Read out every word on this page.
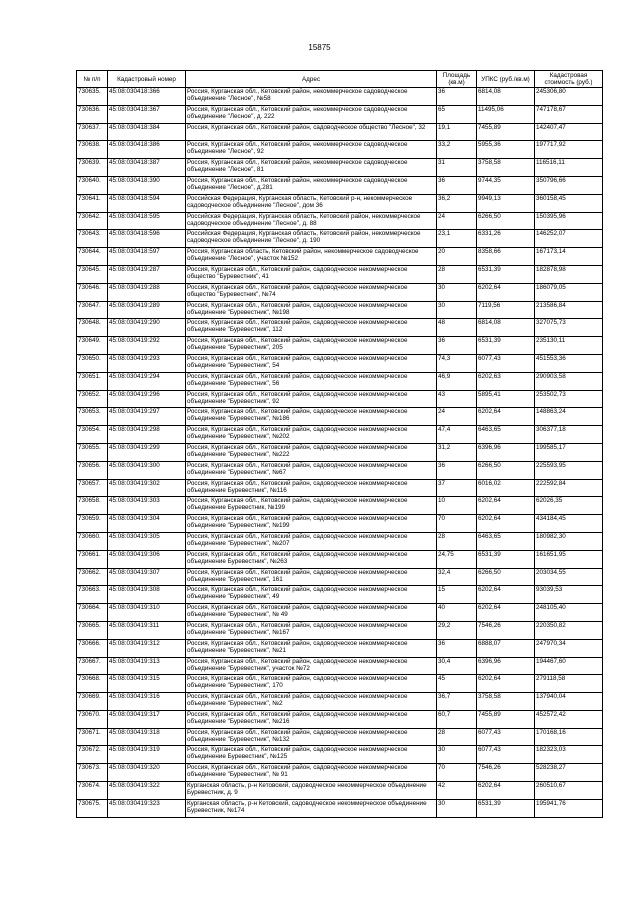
15875
№ п/п	Кадастровый номер	Адрес	Площадь (кв.м)	УПКС (руб./кв.м)	Кадастровая стоимость (руб.)
730635.	45:08:030418:366	Россия, Курганская обл., Кетовский район, некоммерческое садоводческое объединение "Лесное", №58	36	6814,08	245306,80
730636.	45:08:030418:367	Россия, Курганская обл., Кетовский район, некоммерческое садоводческое объединение "Лесное", д. 222	65	11495,06	747178,67
730637.	45:08:030418:384	Россия, Курганская обл., Кетовский район, садоводческое общество "Лесное", 32	19,1	7455,89	142407,47
730638.	45:08:030418:386	Россия, Курганская обл., Кетовский район, некоммерческое садоводческое объединение "Лесное", 92	33,2	5955,36	197717,92
730639.	45:08:030418:387	Россия, Курганская обл., Кетовский район, некоммерческое садоводческое объединение "Лесное", 81	31	3758,58	116516,11
730640.	45:08:030418:390	Россия, Курганская обл., Кетовский район, некоммерческое садоводческое объединение "Лесное", д.281	36	9744,35	350796,66
730641.	45:08:030418:594	Российская Федерация, Курганская область, Кетовский р-н, некоммерческое садоводческое объединение "Лесное", дом 36	36,2	9949,13	360158,45
730642.	45:08:030418:595	Российская Федерация, Курганская область, Кетовский район, некоммерческое садоводческое объединение "Лесное", д. 88	24	6266,50	150395,96
730643.	45:08:030418:596	Российская Федерация, Курганская область, Кетовский район, некоммерческое садоводческое объединение "Лесное", д. 190	23,1	6331,26	146252,07
730644.	45:08:030418:597	Россия, Курганская область, Кетовский район, некоммерческое садоводческое объединение "Лесное", участок №152	20	8358,66	167173,14
730645.	45:08:030419:287	Россия, Курганская обл., Кетовский район, садоводческое некоммерческое общество "Буревестник", 41	28	6531,39	182878,98
730646.	45:08:030419:288	Россия, Курганская обл., Кетовский район, садоводческое некоммерческое общество "Буревестник", №74	30	6202,64	186079,05
730647.	45:08:030419:289	Россия, Курганская обл., Кетовский район, садоводческое некоммерческое объединение "Буревестник", №198	30	7119,56	213586,84
730648.	45:08:030419:290	Россия, Курганская обл., Кетовский район, садоводческое некоммерческое объединение "Буревестник", 112	48	6814,08	327075,73
730649.	45:08:030419:292	Россия, Курганская обл., Кетовский район, садоводческое некоммерческое объединение "Буревестник", 205	36	6531,39	235130,11
730650.	45:08:030419:293	Россия, Курганская обл., Кетовский район, садоводческое некоммерческое объединение "Буревестник", 54	74,3	6077,43	451553,36
730651.	45:08:030419:294	Россия, Курганская обл., Кетовский район, садоводческое некоммерческое объединение "Буревестник", 56	46,9	6202,63	290903,58
730652.	45:08:030419:296	Россия, Курганская обл., Кетовский район, садоводческое некоммерческое объединение "Буревестник", 92	43	5895,41	253502,73
730653.	45:08:030419:297	Россия, Курганская обл., Кетовский район, садоводческое некоммерческое объединение "Буревестник", №186	24	6202,64	148863,24
730654.	45:08:030419:298	Россия, Курганская обл., Кетовский район, садоводческое некоммерческое объединение "Буревестник", №202	47,4	6463,65	306377,18
730655.	45:08:030419:299	Россия, Курганская обл., Кетовский район, садоводческое некоммерческое объединение "Буревестник", №222	31,2	6396,96	199585,17
730656.	45:08:030419:300	Россия, Курганская обл., Кетовский район, садоводческое некоммерческое объединение "Буревестник", №67	36	6266,50	225593,95
730657.	45:08:030419:302	Россия, Курганская обл., Кетовский район, садоводческое некоммерческое объединение Буревестник", №116	37	6016,02	222592,84
730658.	45:08:030419:303	Россия, Курганская обл., Кетовский район, садоводческое некоммерческое объединение Буревестник, №199	10	6202,64	62026,35
730659.	45:08:030419:304	Россия, Курганская обл., Кетовский район, садоводческое некоммерческое объединение "Буревестник", №199	70	6202,64	434184,45
730660.	45:08:030419:305	Россия, Курганская обл., Кетовский район, садоводческое некоммерческое объединение "Буревестник", №207	28	6463,65	180982,30
730661.	45:08:030419:306	Россия, Курганская обл., Кетовский район, садоводческое некоммерческое объединение Буревестник", №263	24,75	6531,39	161651,95
730662.	45:08:030419:307	Россия, Курганская обл., Кетовский район, садоводческое некоммерческое объединение "Буревестник", 161	32,4	6266,50	203034,55
730663.	45:08:030419:308	Россия, Курганская обл., Кетовский район, садоводческое некоммерческое объединение "Буревестник", 49	15	6202,64	93039,53
730664.	45:08:030419:310	Россия, Курганская обл., Кетовский район, садоводческое некоммерческое объединение "Буревестник", № 49	40	6202,64	248105,40
730665.	45:08:030419:311	Россия, Курганская обл., Кетовский район, садоводческое некоммерческое объединение "Буревестник", №167	29,2	7546,26	220350,82
730666.	45:08:030419:312	Россия, Курганская обл., Кетовский район, садоводческое некоммерческое объединение "Буревестник", №21	36	6888,07	247970,34
730667.	45:08:030419:313	Россия, Курганская обл., Кетовский район, садоводческое некоммерческое объединение "Буревестник", участок №72	30,4	6396,96	194467,60
730668.	45:08:030419:315	Россия, Курганская обл., Кетовский район, садоводческое некоммерческое объединение "Буревестник", 170	45	6202,64	279118,58
730669.	45:08:030419:316	Россия, Курганская обл., Кетовский район, садоводческое некоммерческое объединение "Буревестник", №2	36,7	3758,58	137940,04
730670.	45:08:030419:317	Россия, Курганская обл., Кетовский район, садоводческое некоммерческое объединение "Буревестник", №216	60,7	7455,89	452572,42
730671.	45:08:030419:318	Россия, Курганская обл., Кетовский район, садоводческое некоммерческое объединение "Буревестник", №132	28	6077,43	170168,16
730672.	45:08:030419:319	Россия, Курганская обл., Кетовский район, садоводческое некоммерческое объединение Буревестник", №125	30	6077,43	182323,03
730673.	45:08:030419:320	Россия, Курганская обл., Кетовский район, садоводческое некоммерческое объединение "Буревестник", № 91	70	7546,26	528238,27
730674.	45:08:030419:322	Курганская область, р-н Кетовский, садоводческое некоммерческое объединение Буревестник, д. 9	42	6202,64	260510,67
730675.	45:08:030419:323	Курганская область, р-н Кетовский, садоводческое некоммерческое объединение Буревестник, №174	30	6531,39	195941,76
